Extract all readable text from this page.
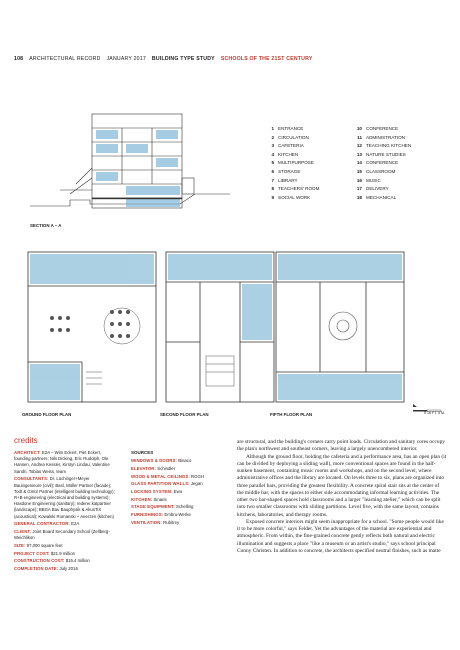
108 ARCHITECTURAL RECORD JANUARY 2017 BUILDING TYPE STUDY SCHOOLS OF THE 21ST CENTURY
1 ENTRANCE	10 CONFERENCE
2 CIRCULATION	11 ADMINISTRATION
3 CAFETERIA	12 TEACHING KITCHEN
4 KITCHEN	13 NATURE STUDIES
5 MULTIPURPOSE	14 CONFERENCE
6 STORAGE	15 CLASSROOM
7 LIBRARY	16 MUSIC
8 TEACHERS' ROOM	17 DELIVERY
9 SOCIAL WORK	18 MECHANICAL
SECTION A – A
GROUND FLOOR PLAN	SECOND FLOOR PLAN	FIFTH FLOOR PLAN	0 16 FT. 5 M.
credits
ARCHITECT: E2A – Wim Eckert, Piet Eckert, founding partners; Nils Dicking, Eric Rudolph, Ole Hansen, Andrea Kessler, Kirstyn Lindau, Valentine Sandri, Tobias Weiss, team
CONSULTANTS: Dr. Lüchinger+Meyer Bauingenieure (civil); Basl, Müller Partner (facade); Todt & Gmür Partner (intelligent building technology); R+B engineering (electrical and building systems); Hasdone Engineering (sanitary); rederer.katpartner (landscape); BBGA Bau Bauphysik & AkusTiX (acoustical); Kowalski Romanski + Aeerzen (kitchen)
GENERAL CONTRACTOR: E2A
CLIENT: Joint Board Secondary School (Zellberg-Weichlikon
SIZE: 97,000 square feet
PROJECT COST: $21.9 million
CONSTRUCTION COST: $15.4 million
COMPLETION DATE: July 2016
SOURCES
WINDOWS & DOORS: Binaco
ELEVATOR: Schindler
WOOD & METAL CEILINGS: RGGH
GLASS PARTITION WALLS: Jegan
LOCKING SYSTEM: Ewo
KITCHEN: Sinaris
STAGE EQUIPMENT: Schelling
FURNISHINGS: Embru-Werke
VENTILATION: Rubitrey

are structural, and the building's corners carry point loads. Circulation and sanitary cores occupy the plan's northwest and southeast corners, leaving a largely unencumbered interior.

Although the ground floor, holding the cafeteria and a performance area, has an open plan (it can be divided by deploying a sliding wall), more conventional spaces are found in the half-sunken basement, containing music rooms and workshops, and on the second level, where administrative offices and the library are located. On levels three to six, plans are organized into three parallel bars, providing the greatest flexibility. A concrete spiral stair sits at the center of the middle bar, with the spaces to either side accommodating informal learning activities. The other two bar-shaped spaces hold classrooms and a larger "learning atelier," which can be split into two smaller classrooms with sliding partitions. Level five, with the same layout, contains kitchens, laboratories, and therapy rooms.

Exposed concrete interiors might seem inappropriate for a school. "Some people would like it to be more colorful," says Felder. Yet the advantages of the material are experiential and atmospheric. From within, the fine-grained concrete gently reflects both natural and electric illumination and suggests a place "like a museum or an artist's studio," says school principal Conny Christen. In addition to concrete, the architects specified neutral finishes, such as matte
